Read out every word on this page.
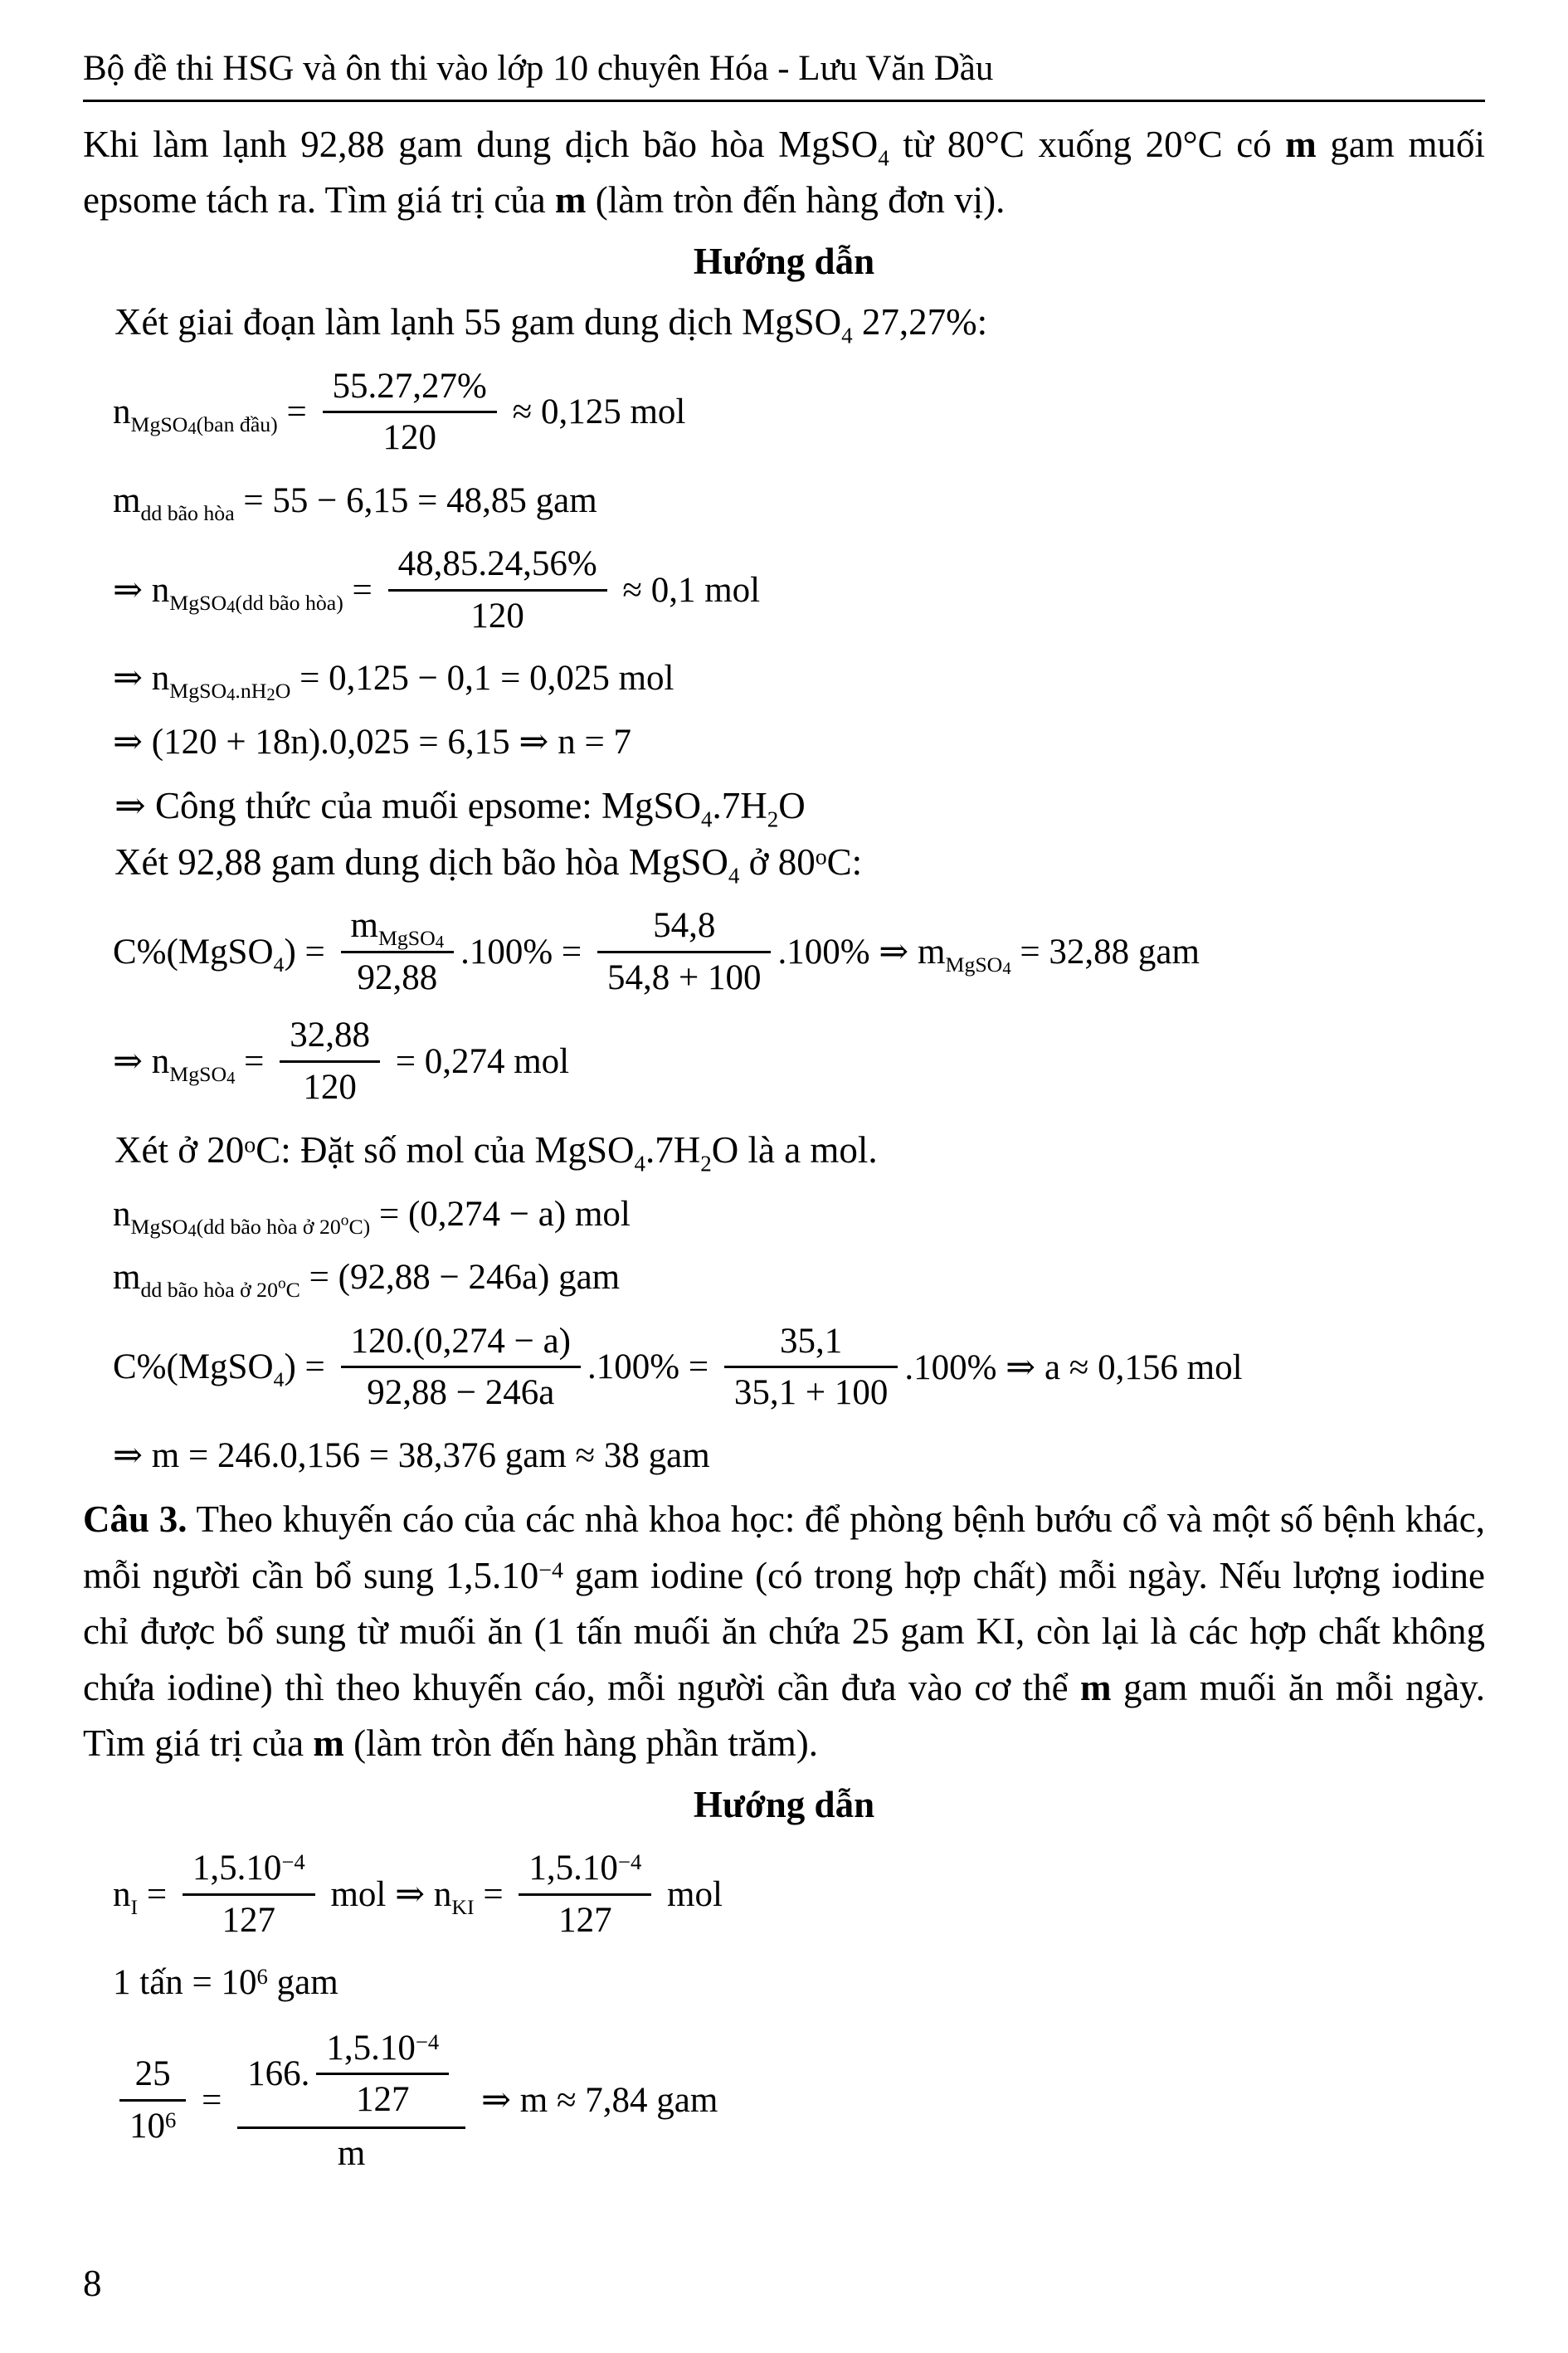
Bộ đề thi HSG và ôn thi vào lớp 10 chuyên Hóa - Lưu Văn Dầu

Khi làm lạnh 92,88 gam dung dịch bão hòa MgSO$_4$ từ 80°C xuống 20°C có m gam muối epsome tách ra. Tìm giá trị của m (làm tròn đến hàng đơn vị).

Hướng dẫn
Xét giai đoạn làm lạnh 55 gam dung dịch MgSO$_4$ 27,27%:
$n_{MgSO4(ban đầu)} = \frac{55.27,27\%}{120} \approx 0,125$ mol
$m_{dd bão hòa} = 55 - 6,15 = 48,85$ gam
⇒ $n_{MgSO4(dd bão hòa)} = \frac{48,85.24,56\%}{120} \approx 0,1$ mol
⇒ $n_{MgSO4.nH2O} = 0,125 - 0,1 = 0,025$ mol
⇒ (120 + 18n).0,025 = 6,15 ⇒ n = 7
⇒ Công thức của muối epsome: $MgSO_4.7H_2O$
Xét 92,88 gam dung dịch bão hòa MgSO$_4$ ở 80$^o$C:
C%(MgSO$_4$) = $\frac{m_{MgSO4}}{92,88} .100\% = \frac{54,8}{54,8 + 100} .100\%$ ⇒ $m_{MgSO4} = 32,88$ gam
⇒ $n_{MgSO4} = \frac{32,88}{120} = 0,274$ mol
Xét ở 20$^o$C: Đặt số mol của $MgSO_4.7H_2O$ là a mol.
$n_{MgSO4(dd bão hòa ở 20}o_{C)} = (0,274 - a)$ mol
$m_{dd bão hòa ở 20}o_C = (92,88 - 246a)$ gam
C%(MgSO$_4$) = $\frac{120.(0,274 - a)}{92,88 - 246a} .100\% = \frac{35,1}{35,1 + 100} .100\%$ ⇒ a ≈ 0,156 mol
⇒ m = 246.0,156 = 38,376 gam ≈ 38 gam

Câu 3. Theo khuyến cáo của các nhà khoa học: để phòng bệnh bướu cổ và một số bệnh khác, mỗi người cần bổ sung $1,5.10^{-4}$ gam iodine (có trong hợp chất) mỗi ngày. Nếu lượng iodine chỉ được bổ sung từ muối ăn (1 tấn muối ăn chứa 25 gam KI, còn lại là các hợp chất không chứa iodine) thì theo khuyến cáo, mỗi người cần đưa vào cơ thể m gam muối ăn mỗi ngày. Tìm giá trị của m (làm tròn đến hàng phần trăm).

Hướng dẫn
$n_I = \frac{1,5.10^{-4}}{127}$ mol ⇒ $n_{KI} = \frac{1,5.10^{-4}}{127}$ mol
1 tấn = $10^6$ gam
$\frac{25}{10^6} = \frac{166. \frac{1,5.10^{-4}}{127}}{m}$ ⇒ m ≈ 7,84 gam
8
